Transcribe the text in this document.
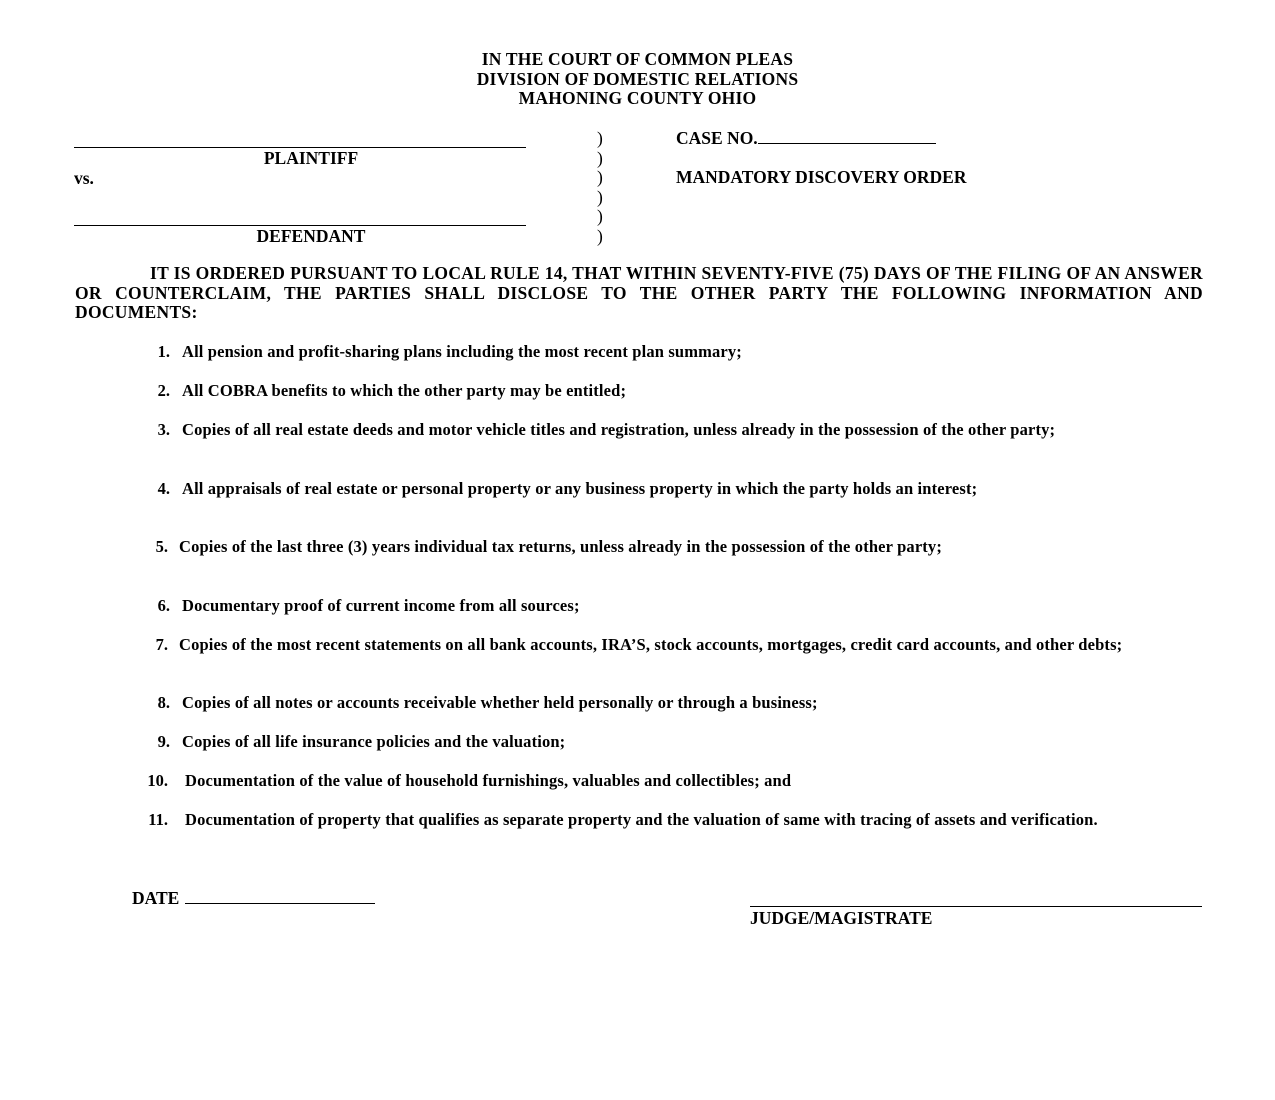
IN THE COURT OF COMMON PLEAS
DIVISION OF DOMESTIC RELATIONS
MAHONING COUNTY OHIO
PLAINTIFF
vs.
DEFENDANT
)
)
)
)
)
)
CASE NO.
MANDATORY DISCOVERY ORDER
IT IS ORDERED PURSUANT TO LOCAL RULE 14, THAT WITHIN SEVENTY-FIVE (75) DAYS OF THE FILING OF AN ANSWER OR COUNTERCLAIM, THE PARTIES SHALL DISCLOSE TO THE OTHER PARTY THE FOLLOWING INFORMATION AND DOCUMENTS:
1. All pension and profit-sharing plans including the most recent plan summary;
2. All COBRA benefits to which the other party may be entitled;
3. Copies of all real estate deeds and motor vehicle titles and registration, unless already in the possession of the other party;
4. All appraisals of real estate or personal property or any business property in which the party holds an interest;
5. Copies of the last three (3) years individual tax returns, unless already in the possession of the other party;
6. Documentary proof of current income from all sources;
7. Copies of the most recent statements on all bank accounts, IRA’S, stock accounts, mortgages, credit card accounts, and other debts;
8. Copies of all notes or accounts receivable whether held personally or through a business;
9. Copies of all life insurance policies and the valuation;
10. Documentation of the value of household furnishings, valuables and collectibles; and
11. Documentation of property that qualifies as separate property and the valuation of same with tracing of assets and verification.
DATE
JUDGE/MAGISTRATE
